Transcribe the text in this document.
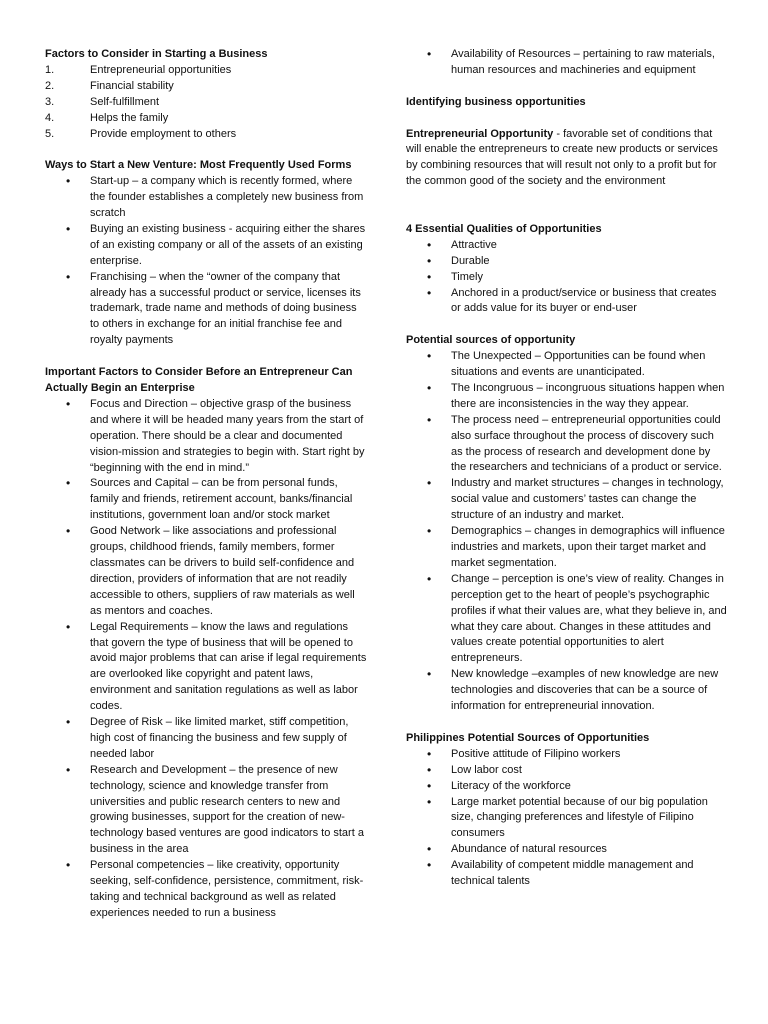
Factors to Consider in Starting a Business
1.	Entrepreneurial opportunities
2.	Financial stability
3.	Self-fulfillment
4.	Helps the family
5.	Provide employment to others
Ways to Start a New Venture: Most Frequently Used Forms
• Start-up – a company which is recently formed, where the founder establishes a completely new business from scratch
• Buying an existing business - acquiring either the shares of an existing company or all of the assets of an existing enterprise.
• Franchising – when the “owner of the company that already has a successful product or service, licenses its trademark, trade name and methods of doing business to others in exchange for an initial franchise fee and royalty payments
Important Factors to Consider Before an Entrepreneur Can Actually Begin an Enterprise
• Focus and Direction – objective grasp of the business and where it will be headed many years from the start of operation. There should be a clear and documented vision-mission and strategies to begin with. Start right by “beginning with the end in mind.”
• Sources and Capital – can be from personal funds, family and friends, retirement account, banks/financial institutions, government loan and/or stock market
• Good Network – like associations and professional groups, childhood friends, family members, former classmates can be drivers to build self-confidence and direction, providers of information that are not readily accessible to others, suppliers of raw materials as well as mentors and coaches.
• Legal Requirements – know the laws and regulations that govern the type of business that will be opened to avoid major problems that can arise if legal requirements are overlooked like copyright and patent laws, environment and sanitation regulations as well as labor codes.
• Degree of Risk – like limited market, stiff competition, high cost of financing the business and few supply of needed labor
• Research and Development – the presence of new technology, science and knowledge transfer from universities and public research centers to new and growing businesses, support for the creation of new-technology based ventures are good indicators to start a business in the area
• Personal competencies – like creativity, opportunity seeking, self-confidence, persistence, commitment, risk-taking and technical background as well as related experiences needed to run a business
• Availability of Resources – pertaining to raw materials, human resources and machineries and equipment
Identifying business opportunities
Entrepreneurial Opportunity - favorable set of conditions that will enable the entrepreneurs to create new products or services by combining resources that will result not only to a profit but for the common good of the society and the environment
4 Essential Qualities of Opportunities
• Attractive
• Durable
• Timely
• Anchored in a product/service or business that creates or adds value for its buyer or end-user
Potential sources of opportunity
• The Unexpected – Opportunities can be found when situations and events are unanticipated.
• The Incongruous – incongruous situations happen when there are inconsistencies in the way they appear.
• The process need – entrepreneurial opportunities could also surface throughout the process of discovery such as the process of research and development done by the researchers and technicians of a product or service.
• Industry and market structures – changes in technology, social value and customers’ tastes can change the structure of an industry and market.
• Demographics – changes in demographics will influence industries and markets, upon their target market and market segmentation.
• Change – perception is one’s view of reality. Changes in perception get to the heart of people’s psychographic profiles if what their values are, what they believe in, and what they care about. Changes in these attitudes and values create potential opportunities to alert entrepreneurs.
• New knowledge –examples of new knowledge are new technologies and discoveries that can be a source of information for entrepreneurial innovation.
Philippines Potential Sources of Opportunities
• Positive attitude of Filipino workers
• Low labor cost
• Literacy of the workforce
• Large market potential because of our big population size, changing preferences and lifestyle of Filipino consumers
• Abundance of natural resources
• Availability of competent middle management and technical talents
